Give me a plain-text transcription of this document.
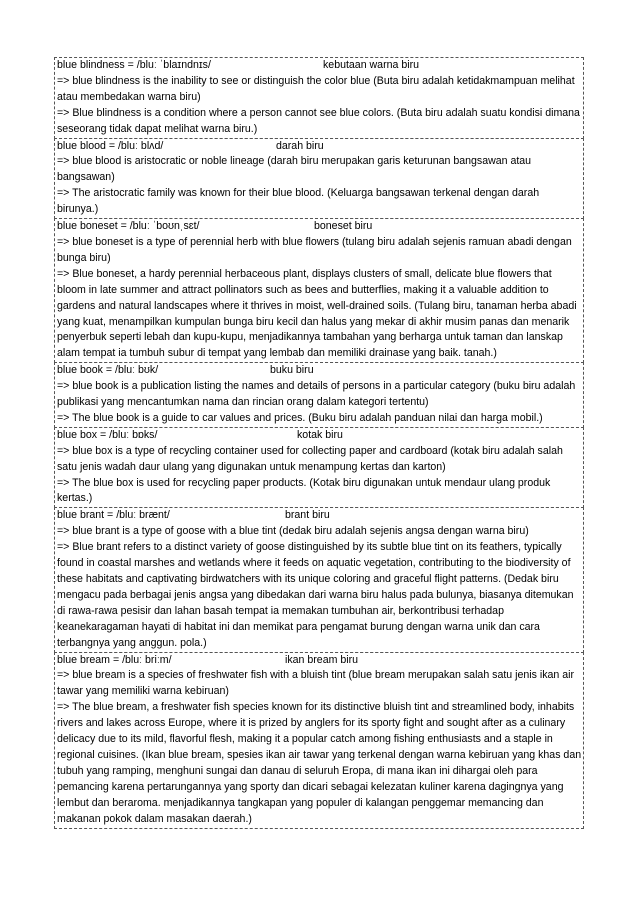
blue blindness = /bluː ˈblaɪndnɪs/	kebutaan warna biru
=> blue blindness is the inability to see or distinguish the color blue (Buta biru adalah ketidakmampuan melihat atau membedakan warna biru)
=> Blue blindness is a condition where a person cannot see blue colors. (Buta biru adalah suatu kondisi dimana seseorang tidak dapat melihat warna biru.)
blue blood = /bluː blʌd/	darah biru
=> blue blood is aristocratic or noble lineage (darah biru merupakan garis keturunan bangsawan atau bangsawan)
=> The aristocratic family was known for their blue blood. (Keluarga bangsawan terkenal dengan darah birunya.)
blue boneset = /bluː ˈboʊnˌsɛt/	boneset biru
=> blue boneset is a type of perennial herb with blue flowers (tulang biru adalah sejenis ramuan abadi dengan bunga biru)
=> Blue boneset, a hardy perennial herbaceous plant, displays clusters of small, delicate blue flowers that bloom in late summer and attract pollinators such as bees and butterflies, making it a valuable addition to gardens and natural landscapes where it thrives in moist, well-drained soils. (Tulang biru, tanaman herba abadi yang kuat, menampilkan kumpulan bunga biru kecil dan halus yang mekar di akhir musim panas dan menarik penyerbuk seperti lebah dan kupu-kupu, menjadikannya tambahan yang berharga untuk taman dan lanskap alam tempat ia tumbuh subur di tempat yang lembab dan memiliki drainase yang baik. tanah.)
blue book = /bluː bʊk/	buku biru
=> blue book is a publication listing the names and details of persons in a particular category (buku biru adalah publikasi yang mencantumkan nama dan rincian orang dalam kategori tertentu)
=> The blue book is a guide to car values and prices. (Buku biru adalah panduan nilai dan harga mobil.)
blue box = /bluː bɒks/	kotak biru
=> blue box is a type of recycling container used for collecting paper and cardboard (kotak biru adalah salah satu jenis wadah daur ulang yang digunakan untuk menampung kertas dan karton)
=> The blue box is used for recycling paper products. (Kotak biru digunakan untuk mendaur ulang produk kertas.)
blue brant = /bluː brænt/	brant biru
=> blue brant is a type of goose with a blue tint (dedak biru adalah sejenis angsa dengan warna biru)
=> Blue brant refers to a distinct variety of goose distinguished by its subtle blue tint on its feathers, typically found in coastal marshes and wetlands where it feeds on aquatic vegetation, contributing to the biodiversity of these habitats and captivating birdwatchers with its unique coloring and graceful flight patterns. (Dedak biru mengacu pada berbagai jenis angsa yang dibedakan dari warna biru halus pada bulunya, biasanya ditemukan di rawa-rawa pesisir dan lahan basah tempat ia memakan tumbuhan air, berkontribusi terhadap keanekaragaman hayati di habitat ini dan memikat para pengamat burung dengan warna unik dan cara terbangnya yang anggun. pola.)
blue bream = /bluː briːm/	ikan bream biru
=> blue bream is a species of freshwater fish with a bluish tint (blue bream merupakan salah satu jenis ikan air tawar yang memiliki warna kebiruan)
=> The blue bream, a freshwater fish species known for its distinctive bluish tint and streamlined body, inhabits rivers and lakes across Europe, where it is prized by anglers for its sporty fight and sought after as a culinary delicacy due to its mild, flavorful flesh, making it a popular catch among fishing enthusiasts and a staple in regional cuisines. (Ikan blue bream, spesies ikan air tawar yang terkenal dengan warna kebiruan yang khas dan tubuh yang ramping, menghuni sungai dan danau di seluruh Eropa, di mana ikan ini dihargai oleh para pemancing karena pertarungannya yang sporty dan dicari sebagai kelezatan kuliner karena dagingnya yang lembut dan beraroma. menjadikannya tangkapan yang populer di kalangan penggemar memancing dan makanan pokok dalam masakan daerah.)
